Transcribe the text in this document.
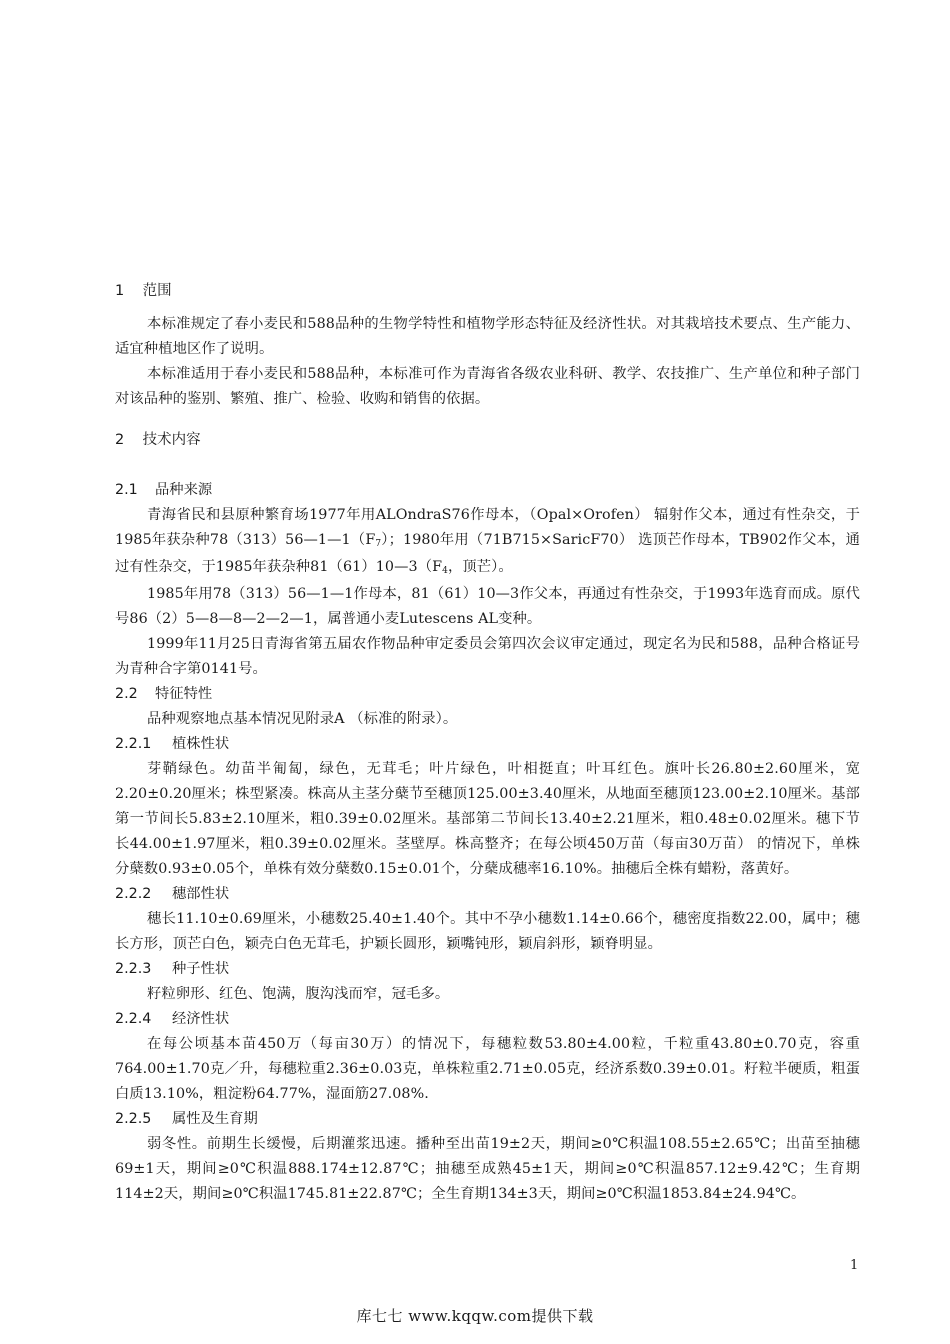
1 范围

本标准规定了春小麦民和588品种的生物学特性和植物学形态特征及经济性状。对其栽培技术要点、生产能力、适宜种植地区作了说明。

本标准适用于春小麦民和588品种，本标准可作为青海省各级农业科研、教学、农技推广、生产单位和种子部门对该品种的鉴别、繁殖、推广、检验、收购和销售的依据。

2.1 品种来源

青海省民和县原种繁育场1977年用ALOndraS76作母本，（Opal×Orofen） 辐射作父本，通过有性杂交，于1985年获杂种$78(313)56—1—1(F_7)$；1980年用（71B715×SaricF70） 选顶芒作母本，TB902作父本，通过有性杂交，于1985年获杂种$81(61)10—3(F_4$，顶芒）。

1985年用78（313）56—1—1作母本，81（61）10—3作父本，再通过有性杂交，于1993年选育而成。原代号86（2）5—8—8—2—2—1，属普通小麦Lutescens AL变种。

1999年11月25日青海省第五届农作物品种审定委员会第四次会议审定通过，现定名为民和588，品种合格证号为青种合字第0141号。

2.2 特征特性

品种观察地点基本情况见附录A （标准的附录）。

2.2.1 植株性状

芽鞘绿色。幼苗半匍匐，绿色，无茸毛；叶片绿色，叶相挺直；叶耳红色。旗叶长26.80±2.60厘米，宽2.20±0.20厘米；株型紧凑。株高从主茎分蘖节至穗顶125.00±3.40厘米，从地面至穗顶123.00±2.10厘米。基部第一节间长5.83±2.10厘米，粗0.39±0.02厘米。基部第二节间长13.40±2.21厘米，粗0.48±0.02厘米。穗下节长44.00±1.97厘米，粗0.39±0.02厘米。茎壁厚。株高整齐；在每公顷450万苗（每亩30万苗） 的情况下，单株分蘖数0.93±0.05个，单株有效分蘖数0.15±0.01个，分蘖成穗率16.10%。抽穗后全株有蜡粉，落黄好。

2.2.2 穗部性状

穗长11.10±0.69厘米，小穗数25.40±1.40个。其中不孕小穗数1.14±0.66个，穗密度指数22.00，属中；穗长方形，顶芒白色，颖壳白色无茸毛，护颖长圆形，颖嘴钝形，颖肩斜形，颖脊明显。

2.2.3 种子性状

籽粒卵形、红色、饱满，腹沟浅而窄，冠毛多。

2.2.4 经济性状

在每公顷基本苗450万（每亩30万）的情况下，每穗粒数53.80±4.00粒，千粒重43.80±0.70克，容重764.00±1.70克／升，每穗粒重2.36±0.03克，单株粒重2.71±0.05克，经济系数0.39±0.01。籽粒半硬质，粗蛋白质13.10%，粗淀粉64.77%，湿面筋27.08%.

2.2.5 属性及生育期

弱冬性。前期生长缓慢，后期灌浆迅速。播种至出苗19±2天，期间≥0℃积温108.55±2.65℃；出苗至抽穗69±1天，期间≥0℃积温888.174±12.87℃；抽穗至成熟45±1天，期间≥0℃积温857.12±9.42℃；生育期114±2天，期间≥0℃积温1745.81±22.87℃；全生育期134±3天，期间≥0℃积温1853.84±24.94℃。

2 技术内容
1
库七七 www.kqqw.com提供下载
